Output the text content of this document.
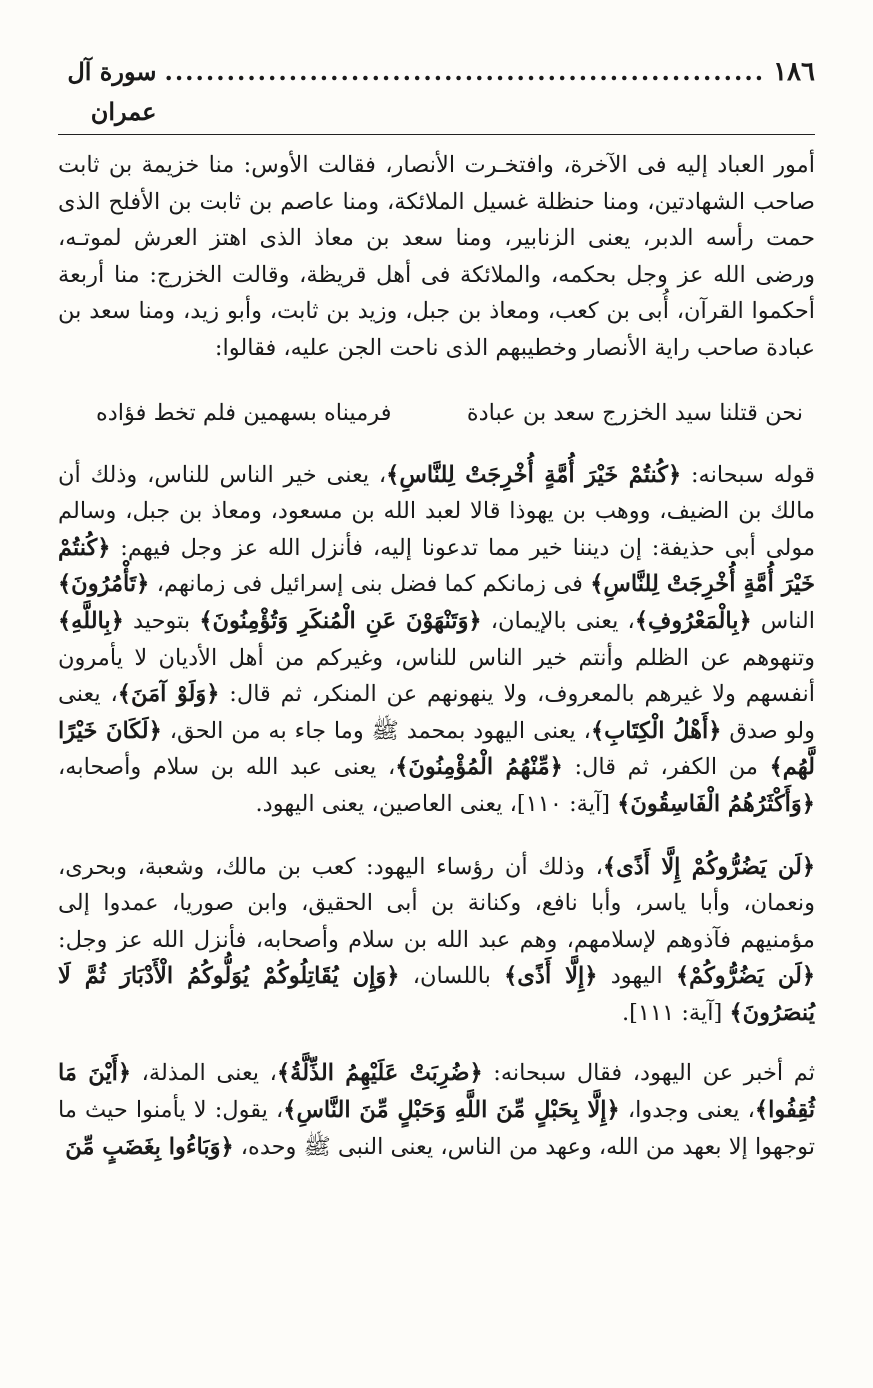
١٨٦
..........................................................
سورة آل عمران

أمور العباد إليه فى الآخرة، وافتخـرت الأنصار، فقالت الأوس: منا خزيمة بن ثابت صاحب الشهادتين، ومنا حنظلة غسيل الملائكة، ومنا عاصم بن ثابت بن الأفلح الذى حمت رأسه الدبر، يعنى الزنابير، ومنا سعد بن معاذ الذى اهتز العرش لموتـه، ورضى الله عز وجل بحكمه، والملائكة فى أهل قريظة، وقالت الخزرج: منا أربعة أحكموا القرآن، أُبى بن كعب، ومعاذ بن جبل، وزيد بن ثابت، وأبو زيد، ومنا سعد بن عبادة صاحب راية الأنصار وخطيبهم الذى ناحت الجن عليه، فقالوا:

نحن قتلنا سيد الخزرج سعد بن عبادة
فرميناه بسهمين فلم تخط فؤاده

قوله سبحانه: ﴿كُنتُمْ خَيْرَ أُمَّةٍ أُخْرِجَتْ لِلنَّاسِ﴾، يعنى خير الناس للناس، وذلك أن مالك بن الضيف، ووهب بن يهوذا قالا لعبد الله بن مسعود، ومعاذ بن جبل، وسالم مولى أبى حذيفة: إن ديننا خير مما تدعونا إليه، فأنزل الله عز وجل فيهم: ﴿كُنتُمْ خَيْرَ أُمَّةٍ أُخْرِجَتْ لِلنَّاسِ﴾ فى زمانكم كما فضل بنى إسرائيل فى زمانهم، ﴿تَأْمُرُونَ﴾ الناس ﴿بِالْمَعْرُوفِ﴾، يعنى بالإيمان، ﴿وَتَنْهَوْنَ عَنِ الْمُنكَرِ وَتُؤْمِنُونَ﴾ بتوحيد ﴿بِاللَّهِ﴾ وتنهوهم عن الظلم وأنتم خير الناس للناس، وغيركم من أهل الأديان لا يأمرون أنفسهم ولا غيرهم بالمعروف، ولا ينهونهم عن المنكر، ثم قال: ﴿وَلَوْ آمَنَ﴾، يعنى ولو صدق ﴿أَهْلُ الْكِتَابِ﴾، يعنى اليهود بمحمد ﷺ وما جاء به من الحق، ﴿لَكَانَ خَيْرًا لَّهُم﴾ من الكفر، ثم قال: ﴿مِّنْهُمُ الْمُؤْمِنُونَ﴾، يعنى عبد الله بن سلام وأصحابه، ﴿وَأَكْثَرُهُمُ الْفَاسِقُونَ﴾ [آية: ١١٠]، يعنى العاصين، يعنى اليهود.

﴿لَن يَضُرُّوكُمْ إِلَّا أَذًى﴾، وذلك أن رؤساء اليهود: كعب بن مالك، وشعبة، وبحرى، ونعمان، وأبا ياسر، وأبا نافع، وكنانة بن أبى الحقيق، وابن صوريا، عمدوا إلى مؤمنيهم فآذوهم لإسلامهم، وهم عبد الله بن سلام وأصحابه، فأنزل الله عز وجل: ﴿لَن يَضُرُّوكُمْ﴾ اليهود ﴿إِلَّا أَذًى﴾ باللسان، ﴿وَإِن يُقَاتِلُوكُمْ يُوَلُّوكُمُ الْأَدْبَارَ ثُمَّ لَا يُنصَرُونَ﴾ [آية: ١١١].

ثم أخبر عن اليهود، فقال سبحانه: ﴿ضُرِبَتْ عَلَيْهِمُ الذِّلَّةُ﴾، يعنى المذلة، ﴿أَيْنَ مَا ثُقِفُوا﴾، يعنى وجدوا، ﴿إِلَّا بِحَبْلٍ مِّنَ اللَّهِ وَحَبْلٍ مِّنَ النَّاسِ﴾، يقول: لا يأمنوا حيث ما توجهوا إلا بعهد من الله، وعهد من الناس، يعنى النبى ﷺ وحده، ﴿وَبَاءُوا بِغَضَبٍ مِّنَ
